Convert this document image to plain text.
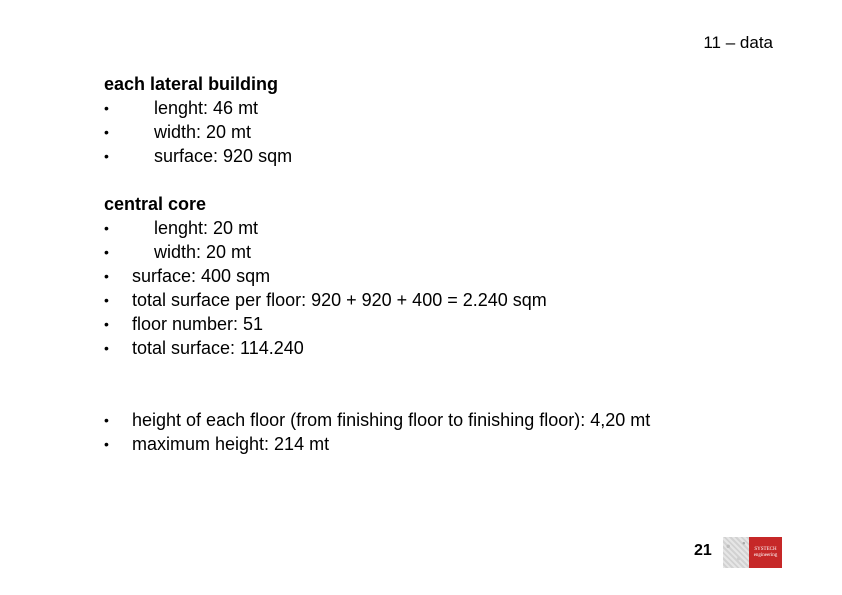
11 – data

each lateral building

•	lenght: 46 mt
•	width: 20 mt
•	surface: 920 sqm

central core

•	lenght: 20 mt
•	width: 20 mt
• surface: 400 sqm
• total surface per floor: 920 + 920 + 400 = 2.240 sqm
• floor number: 51
• total surface: 114.240
• height of each floor (from finishing floor to finishing floor): 4,20 mt
• maximum height: 214 mt
21	SYSTECH
engineering
